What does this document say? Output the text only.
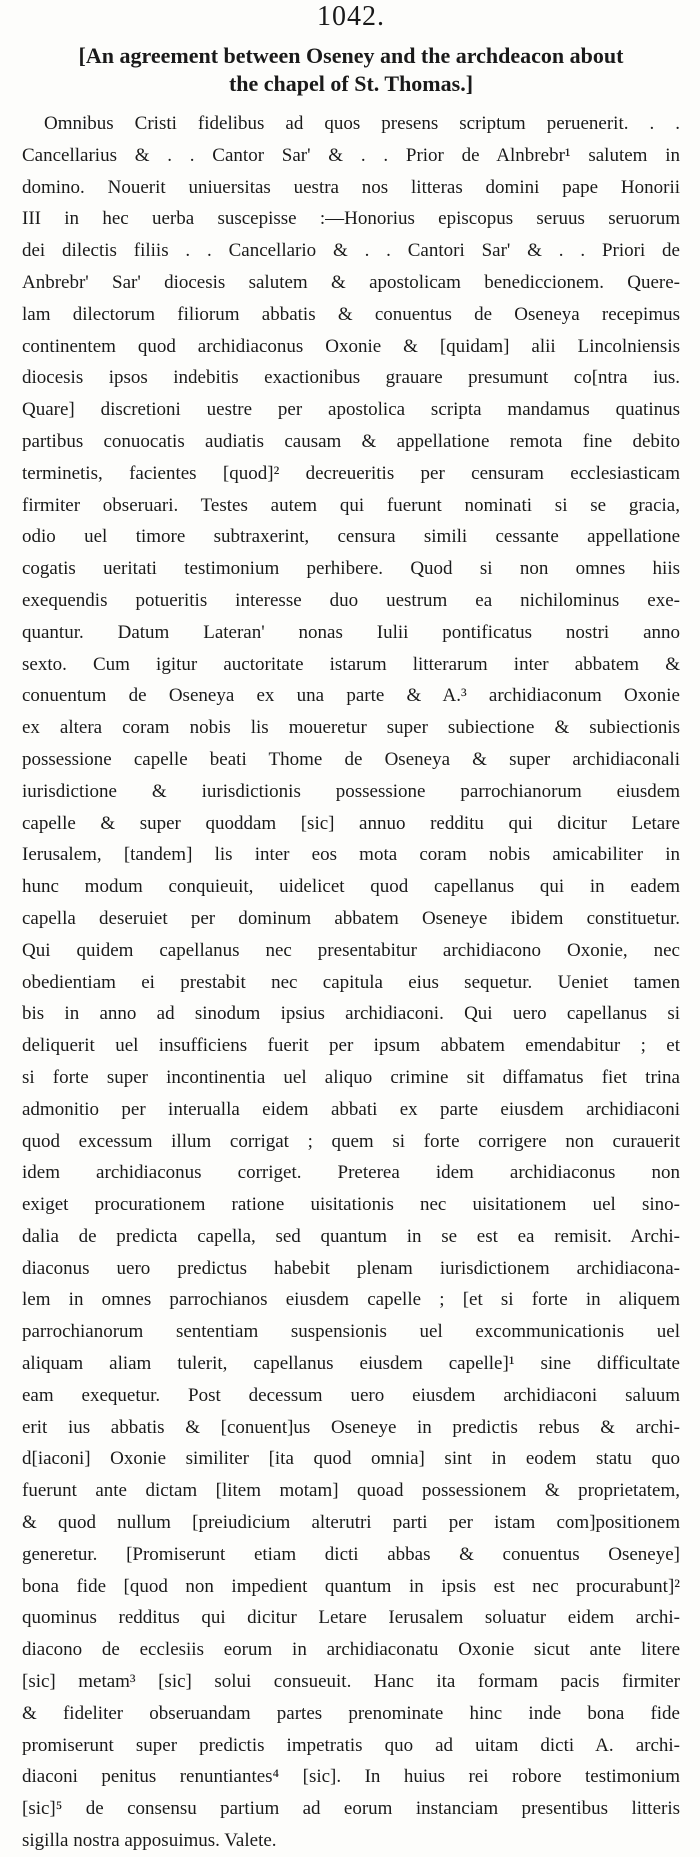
1042.
[An agreement between Oseney and the archdeacon about
the chapel of St. Thomas.]
Omnibus Cristi fidelibus ad quos presens scriptum peruenerit. . .
Cancellarius & . . Cantor Sar' & . . Prior de Alnbrebr¹ salutem in
domino. Nouerit uniuersitas uestra nos litteras domini pape Honorii
III in hec uerba suscepisse :—Honorius episcopus seruus seruorum
dei dilectis filiis . . Cancellario & . . Cantori Sar' & . . Priori de
Anbrebr' Sar' diocesis salutem & apostolicam benediccionem. Quere-
lam dilectorum filiorum abbatis & conuentus de Oseneya recepimus
continentem quod archidiaconus Oxonie & [quidam] alii Lincolniensis
diocesis ipsos indebitis exactionibus grauare presumunt co[ntra ius.
Quare] discretioni uestre per apostolica scripta mandamus quatinus
partibus conuocatis audiatis causam & appellatione remota fine debito
terminetis, facientes [quod]² decreueritis per censuram ecclesiasticam
firmiter obseruari. Testes autem qui fuerunt nominati si se gracia,
odio uel timore subtraxerint, censura simili cessante appellatione
cogatis ueritati testimonium perhibere. Quod si non omnes hiis
exequendis potueritis interesse duo uestrum ea nichilominus exe-
quantur. Datum Lateran' nonas Iulii pontificatus nostri anno
sexto. Cum igitur auctoritate istarum litterarum inter abbatem &
conuentum de Oseneya ex una parte & A.³ archidiaconum Oxonie
ex altera coram nobis lis moueretur super subiectione & subiectionis
possessione capelle beati Thome de Oseneya & super archidiaconali
iurisdictione & iurisdictionis possessione parrochianorum eiusdem
capelle & super quoddam [sic] annuo redditu qui dicitur Letare
Ierusalem, [tandem] lis inter eos mota coram nobis amicabiliter in
hunc modum conquieuit, uidelicet quod capellanus qui in eadem
capella deseruiet per dominum abbatem Oseneye ibidem constituetur.
Qui quidem capellanus nec presentabitur archidiacono Oxonie, nec
obedientiam ei prestabit nec capitula eius sequetur. Ueniet tamen
bis in anno ad sinodum ipsius archidiaconi. Qui uero capellanus si
deliquerit uel insufficiens fuerit per ipsum abbatem emendabitur ; et
si forte super incontinentia uel aliquo crimine sit diffamatus fiet trina
admonitio per interualla eidem abbati ex parte eiusdem archidiaconi
quod excessum illum corrigat ; quem si forte corrigere non curauerit
idem archidiaconus corriget. Preterea idem archidiaconus non
exiget procurationem ratione uisitationis nec uisitationem uel sino-
dalia de predicta capella, sed quantum in se est ea remisit. Archi-
diaconus uero predictus habebit plenam iurisdictionem archidiacona-
lem in omnes parrochianos eiusdem capelle ; [et si forte in aliquem
parrochianorum sententiam suspensionis uel excommunicationis uel
aliquam aliam tulerit, capellanus eiusdem capelle]¹ sine difficultate
eam exequetur. Post decessum uero eiusdem archidiaconi saluum
erit ius abbatis & [conuent]us Oseneye in predictis rebus & archi-
d[iaconi] Oxonie similiter [ita quod omnia] sint in eodem statu quo
fuerunt ante dictam [litem motam] quoad possessionem & proprietatem,
& quod nullum [preiudicium alterutri parti per istam com]positionem
generetur. [Promiserunt etiam dicti abbas & conuentus Oseneye]
bona fide [quod non impedient quantum in ipsis est nec procurabunt]²
quominus redditus qui dicitur Letare Ierusalem soluatur eidem archi-
diacono de ecclesiis eorum in archidiaconatu Oxonie sicut ante litere
[sic] metam³ [sic] solui consueuit. Hanc ita formam pacis firmiter
& fideliter obseruandam partes prenominate hinc inde bona fide
promiserunt super predictis impetratis quo ad uitam dicti A. archi-
diaconi penitus renuntiantes⁴ [sic]. In huius rei robore testimonium
[sic]⁵ de consensu partium ad eorum instanciam presentibus litteris
sigilla nostra apposuimus. Valete.
